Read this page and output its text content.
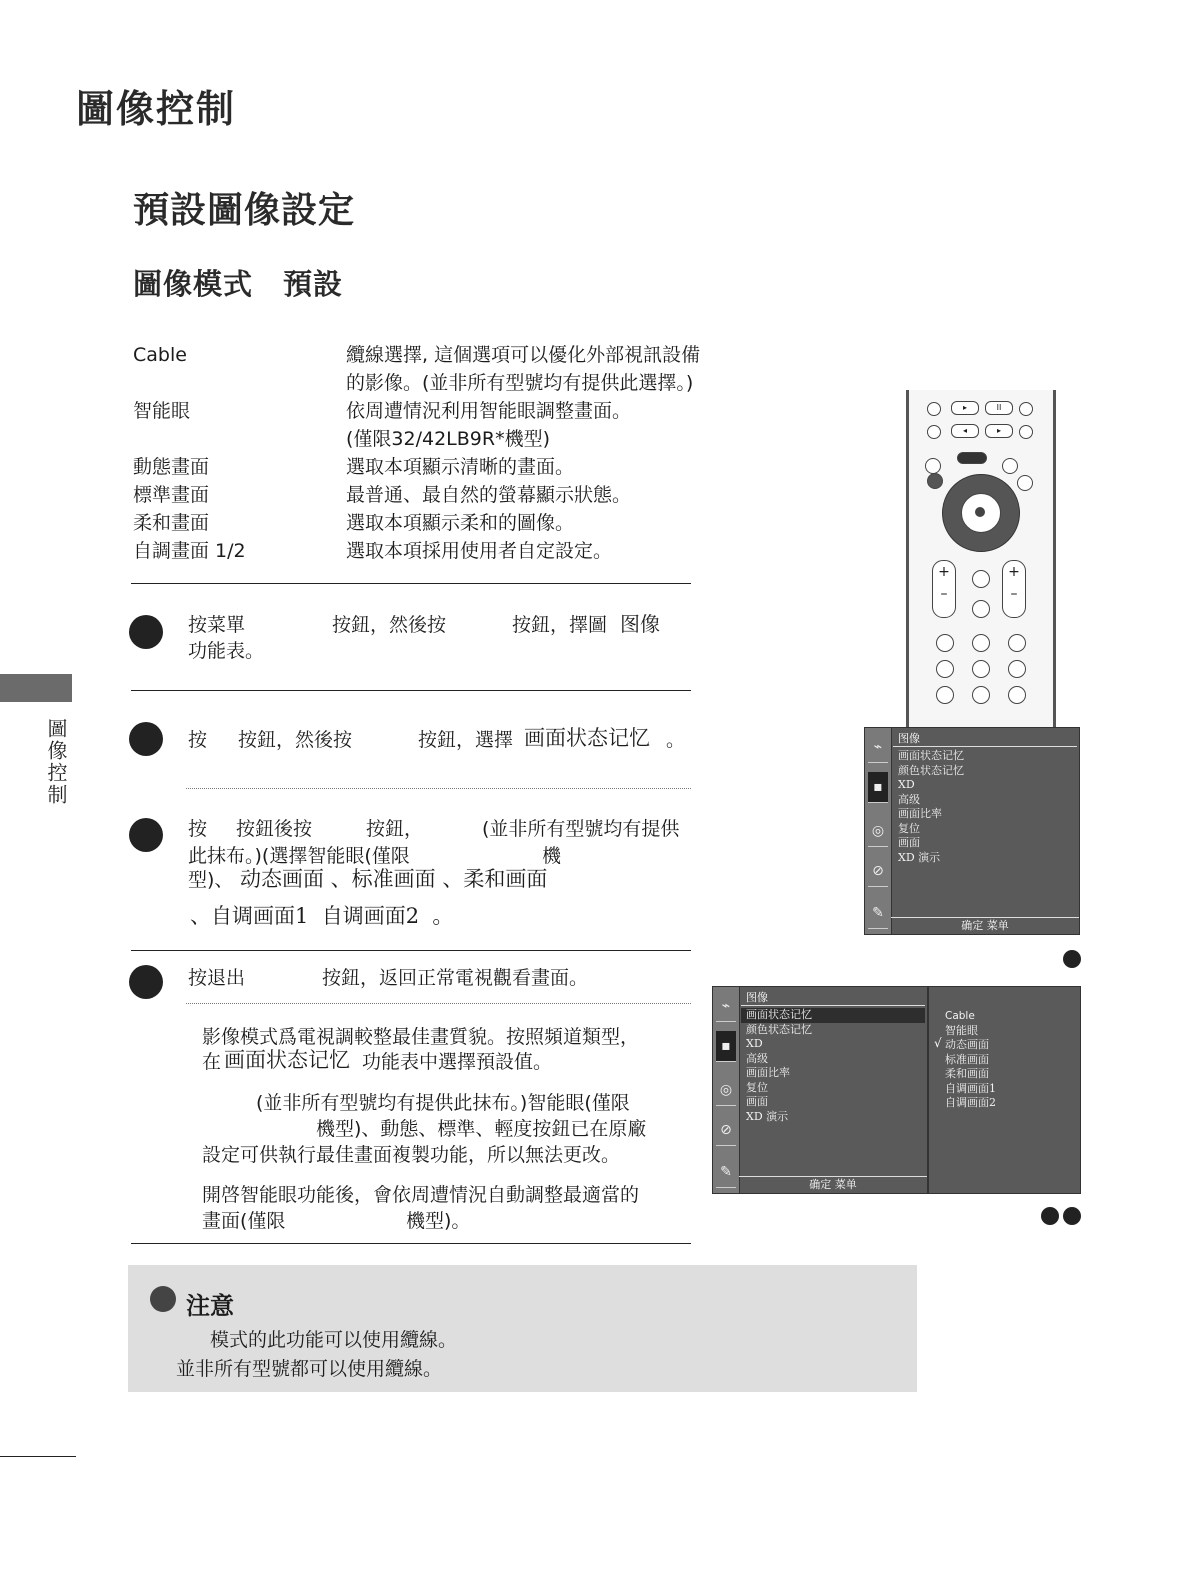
圖像控制
預設圖像設定
圖像模式　預設
圖像控制
Cable	纜線選擇, 這個選項可以優化外部視訊設備
的影像。(並非所有型號均有提供此選擇。)
智能眼	依周遭情況利用智能眼調整畫面。
(僅限32/42LB9R*機型)
動態畫面	選取本項顯示清晰的畫面。
標準畫面	最普通、最自然的螢幕顯示狀態。
柔和畫面	選取本項顯示柔和的圖像。
自調畫面 1/2	選取本項採用使用者自定設定。
按菜單	按鈕，然後按	按鈕，擇圖 图像
功能表。
按 按鈕，然後按	按鈕，選擇 画面状态记忆 。
按 按鈕後按	按鈕，	(並非所有型號均有提供
此抹布。)(選擇智能眼(僅限	機
型)、 动态画面 、标准画面 、柔和画面
、自调画面1  自调画面2  。
按退出	按鈕，返回正常電視觀看畫面。
影像模式爲電視調較整最佳畫質貌。按照頻道類型，
在 画面状态记忆 功能表中選擇預設值。
(並非所有型號均有提供此抹布。)智能眼(僅限
機型)、動態、標準、輕度按鈕已在原廠
設定可供執行最佳畫面複製功能，所以無法更改。
開啓智能眼功能後，會依周遭情況自動調整最適當的
畫面(僅限	機型)。
注意
模式的此功能可以使用纜線。
並非所有型號都可以使用纜線。
▸	II
◂	▸
+
–
+
–
⌁
▪
◎
⊘
✎
图像
画面状态记忆
颜色状态记忆
XD
高级
画面比率
复位
画面
XD 演示
确定 菜单
⌁
▪
◎
⊘
✎
图像
画面状态记忆
颜色状态记忆
XD
高级
画面比率
复位
画面
XD 演示
确定 菜单
Cable
智能眼
动态画面
标准画面
柔和画面
自调画面1
自调画面2
√
